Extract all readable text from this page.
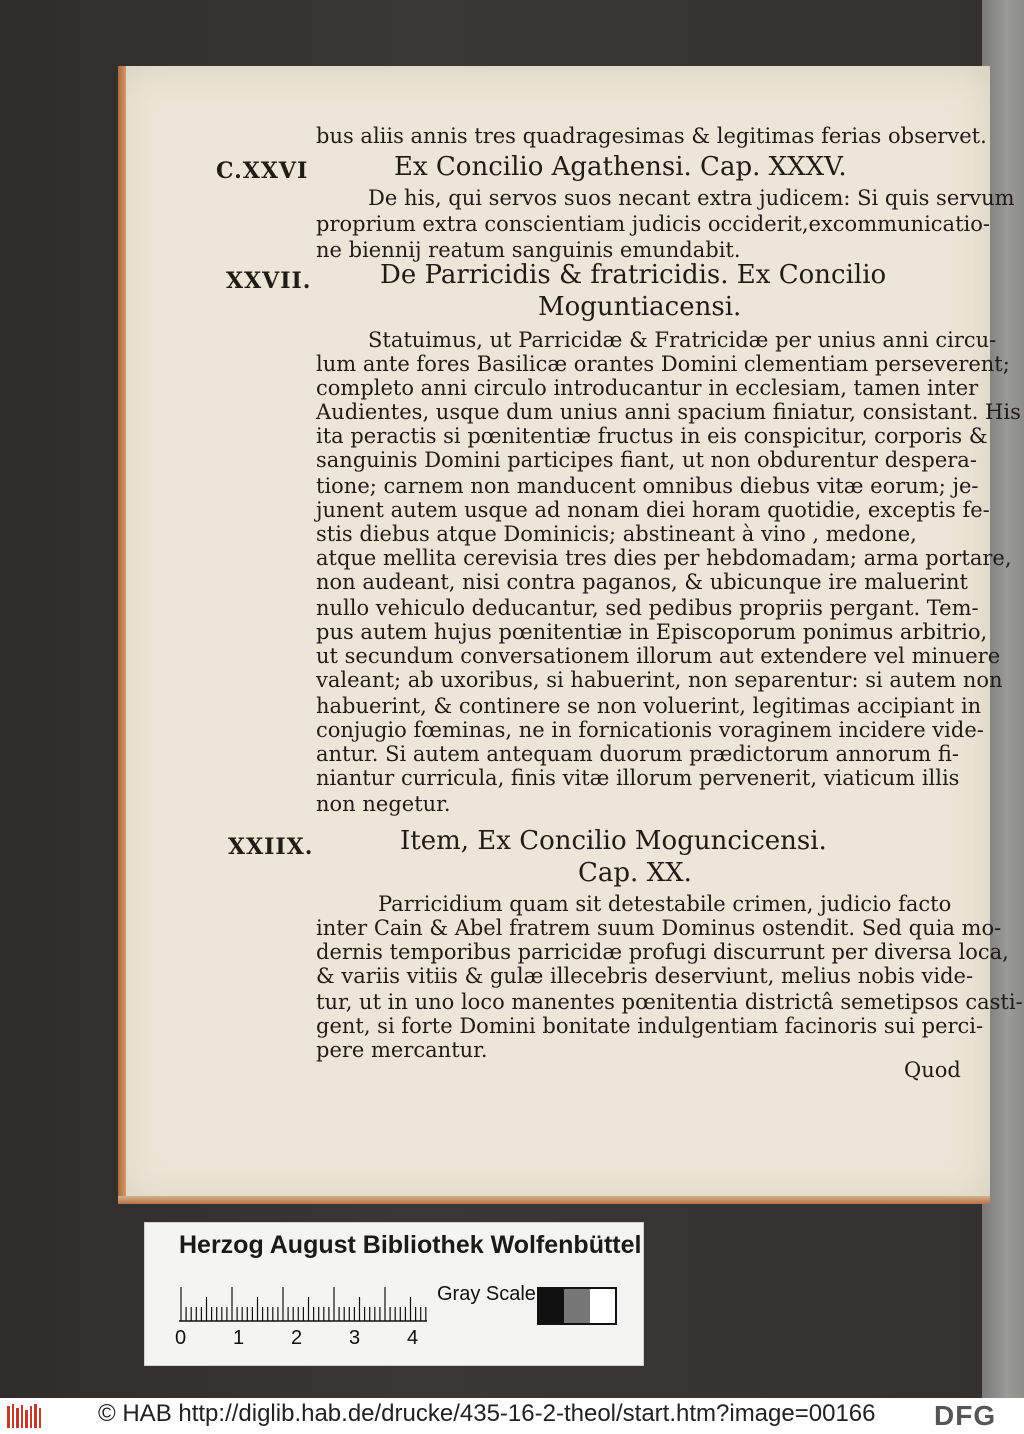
bus aliis annis tres quadragesimas & legitimas ferias observet.
C.XXVI	Ex Concilio Agathensi. Cap. XXXV.
De his, qui servos suos necant extra judicem: Si quis servum
proprium extra conscientiam judicis occiderit,excommunicatio-
ne biennij reatum sanguinis emundabit.
XXVII.	De Parricidis & fratricidis. Ex Concilio
Moguntiacensi.
Statuimus, ut Parricidæ & Fratricidæ per unius anni circu-
lum ante fores Basilicæ orantes Domini clementiam perseverent;
completo anni circulo introducantur in ecclesiam, tamen inter
Audientes, usque dum unius anni spacium finiatur, consistant. His
ita peractis si pœnitentiæ fructus in eis conspicitur, corporis &
sanguinis Domini participes fiant, ut non obdurentur despera-
tione; carnem non manducent omnibus diebus vitæ eorum; je-
junent autem usque ad nonam diei horam quotidie, exceptis fe-
stis diebus atque Dominicis; abstineant à vino , medone,
atque mellita cerevisia tres dies per hebdomadam; arma portare,
non audeant, nisi contra paganos, & ubicunque ire maluerint
nullo vehiculo deducantur, sed pedibus propriis pergant. Tem-
pus autem hujus pœnitentiæ in Episcoporum ponimus arbitrio,
ut secundum conversationem illorum aut extendere vel minuere
valeant; ab uxoribus, si habuerint, non separentur: si autem non
habuerint, & continere se non voluerint, legitimas accipiant in
conjugio fœminas, ne in fornicationis voraginem incidere vide-
antur. Si autem antequam duorum prædictorum annorum fi-
niantur curricula, finis vitæ illorum pervenerit, viaticum illis
non negetur.
XXIIX.	Item, Ex Concilio Moguncicensi.
Cap. XX.
Parricidium quam sit detestabile crimen, judicio facto
inter Cain & Abel fratrem suum Dominus ostendit. Sed quia mo-
dernis temporibus parricidæ profugi discurrunt per diversa loca,
& variis vitiis & gulæ illecebris deserviunt, melius nobis vide-
tur, ut in uno loco manentes pœnitentia districtâ semetipsos casti-
gent, si forte Domini bonitate indulgentiam facinoris sui perci-
pere mercantur.
Quod
Herzog August Bibliothek Wolfenbüttel
0 1 2 3 4
Gray Scale
© HAB http://diglib.hab.de/drucke/435-16-2-theol/start.htm?image=00166 DFG
